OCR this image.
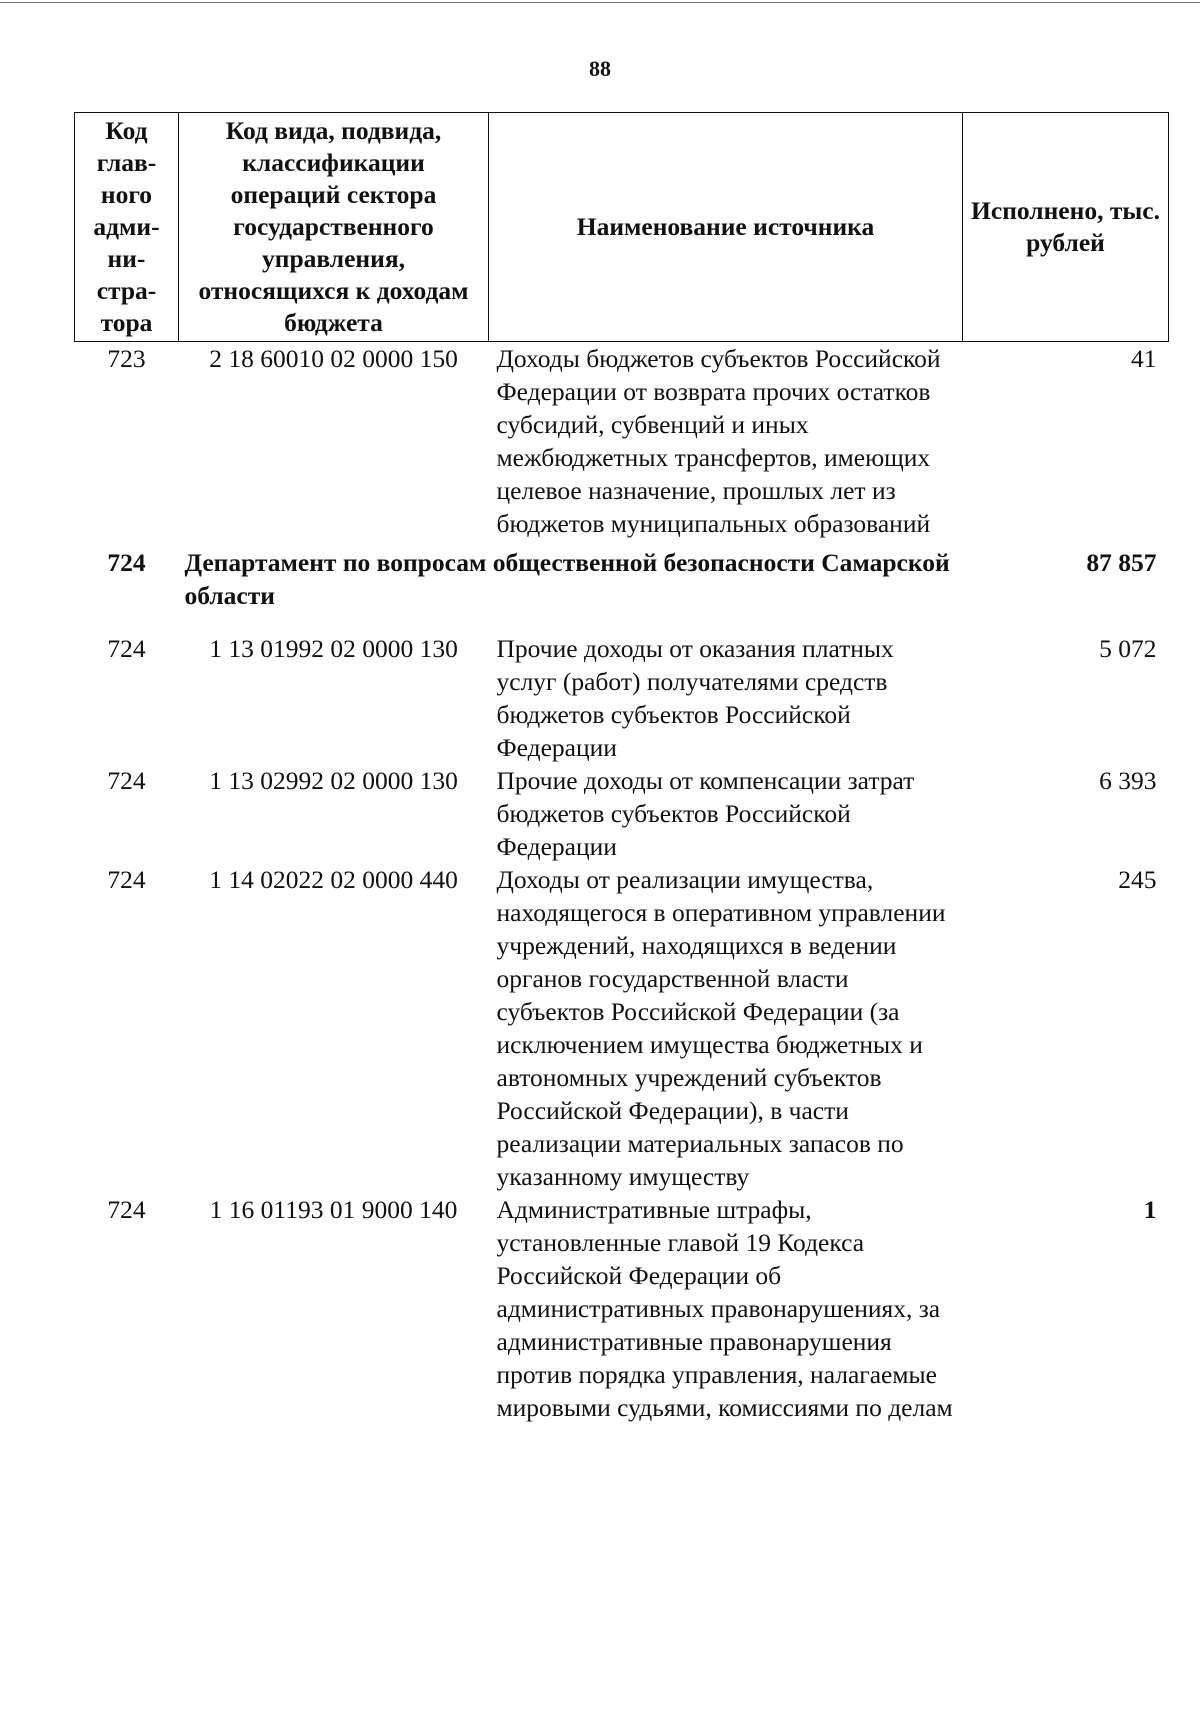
88
Код глав- ного адми- ни- стра- тора	Код вида, подвида, классификации операций сектора государственного управления, относящихся к доходам бюджета	Наименование источника	Исполнено, тыс. рублей
723	2 18 60010 02 0000 150	Доходы бюджетов субъектов Российской Федерации от возврата прочих остатков субсидий, субвенций и иных межбюджетных трансфертов, имеющих целевое назначение, прошлых лет из бюджетов муниципальных образований	41
724	Департамент по вопросам общественной безопасности Самарской области		87 857
724	1 13 01992 02 0000 130	Прочие доходы от оказания платных услуг (работ) получателями средств бюджетов субъектов Российской Федерации	5 072
724	1 13 02992 02 0000 130	Прочие доходы от компенсации затрат бюджетов субъектов Российской Федерации	6 393
724	1 14 02022 02 0000 440	Доходы от реализации имущества, находящегося в оперативном управлении учреждений, находящихся в ведении органов государственной власти субъектов Российской Федерации (за исключением имущества бюджетных и автономных учреждений субъектов Российской Федерации), в части реализации материальных запасов по указанному имуществу	245
724	1 16 01193 01 9000 140	Административные штрафы, установленные главой 19 Кодекса Российской Федерации об административных правонарушениях, за административные правонарушения против порядка управления, налагаемые мировыми судьями, комиссиями по делам	1
